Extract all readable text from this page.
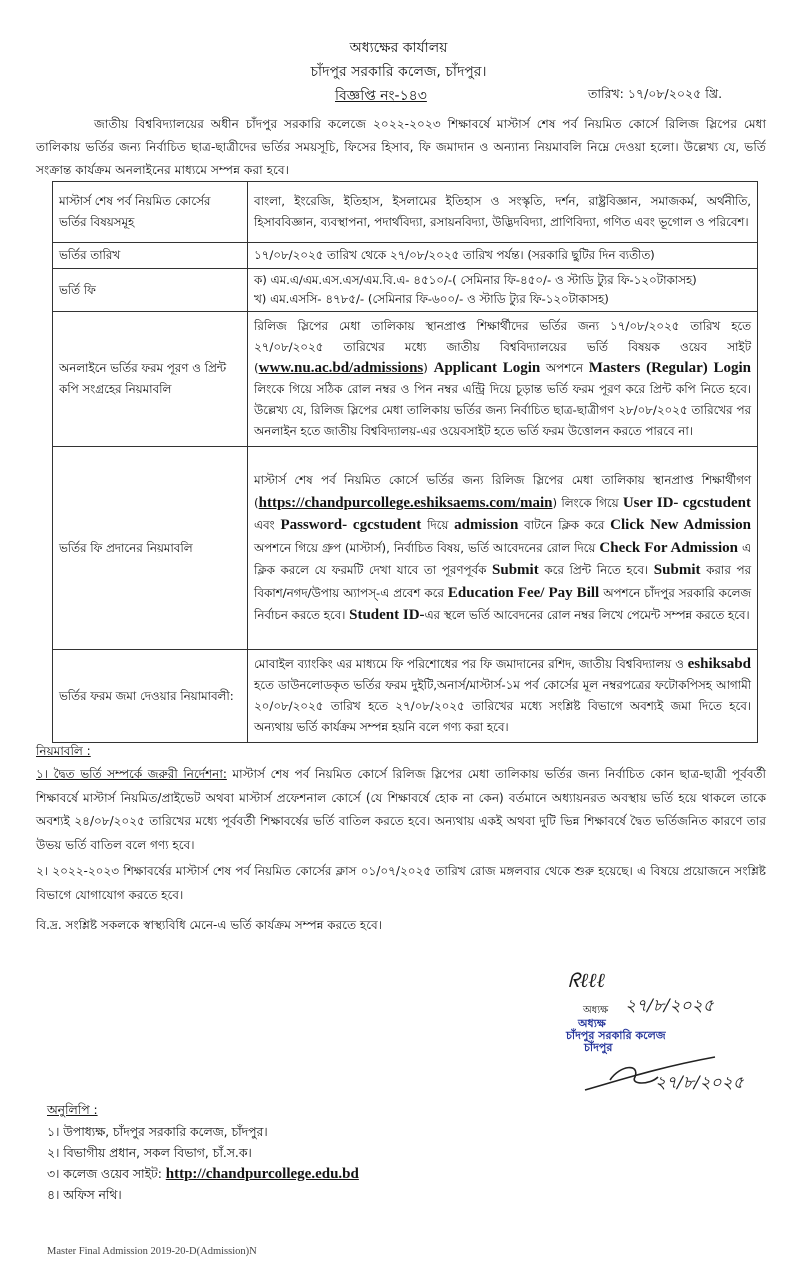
অধ্যক্ষের কার্যালয়
চাঁদপুর সরকারি কলেজ, চাঁদপুর।
বিজ্ঞপ্তি নং-১৪৩	তারিখ: ১৭/০৮/২০২৫ খ্রি.
জাতীয় বিশ্ববিদ্যালয়ের অধীন চাঁদপুর সরকারি কলেজে ২০২২-২০২৩ শিক্ষাবর্ষে মাস্টার্স শেষ পর্ব নিয়মিত কোর্সে রিলিজ স্লিপের মেধা তালিকায় ভর্তির জন্য নির্বাচিত ছাত্র-ছাত্রীদের ভর্তির সময়সূচি, ফিসের হিসাব, ফি জমাদান ও অন্যান্য নিয়মাবলি নিম্নে দেওয়া হলো। উল্লেখ্য যে, ভর্তি সংক্রান্ত কার্যক্রম অনলাইনের মাধ্যমে সম্পন্ন করা হবে।
মাস্টার্স শেষ পর্ব নিয়মিত কোর্সের ভর্তির বিষয়সমূহ	বাংলা, ইংরেজি, ইতিহাস, ইসলামের ইতিহাস ও সংস্কৃতি, দর্শন, রাষ্ট্রবিজ্ঞান, সমাজকর্ম, অর্থনীতি, হিসাববিজ্ঞান, ব্যবস্থাপনা, পদার্থবিদ্যা, রসায়নবিদ্যা, উদ্ভিদবিদ্যা, প্রাণিবিদ্যা, গণিত এবং ভূগোল ও পরিবেশ।
ভর্তির তারিখ	১৭/০৮/২০২৫ তারিখ থেকে ২৭/০৮/২০২৫ তারিখ পর্যন্ত। (সরকারি ছুটির দিন ব্যতীত)
ভর্তি ফি	ক) এম.এ/এম.এস.এস/এম.বি.এ- ৪৫১০/-( সেমিনার ফি-৪৫০/- ও স্টাডি ট্যুর ফি-১২০টাকাসহ)
খ) এম.এসসি- ৪৭৮৫/- (সেমিনার ফি-৬০০/- ও স্টাডি ট্যুর ফি-১২০টাকাসহ)

অনলাইনে ভর্তির ফরম পূরণ ও প্রিন্ট কপি সংগ্রহের নিয়মাবলি	রিলিজ স্লিপের মেধা তালিকায় স্থানপ্রাপ্ত শিক্ষার্থীদের ভর্তির জন্য ১৭/০৮/২০২৫ তারিখ হতে ২৭/০৮/২০২৫ তারিখের মধ্যে জাতীয় বিশ্ববিদ্যালয়ের ভর্তি বিষয়ক ওয়েব সাইট (www.nu.ac.bd/admissions) Applicant Login অপশনে Masters (Regular) Login লিংকে গিয়ে সঠিক রোল নম্বর ও পিন নম্বর এন্ট্রি দিয়ে চূড়ান্ত ভর্তি ফরম পূরণ করে প্রিন্ট কপি নিতে হবে। উল্লেখ্য যে, রিলিজ স্লিপের মেধা তালিকায় ভর্তির জন্য নির্বাচিত ছাত্র-ছাত্রীগণ ২৮/০৮/২০২৫ তারিখের পর অনলাইন হতে জাতীয় বিশ্ববিদ্যালয়-এর ওয়েবসাইট হতে ভর্তি ফরম উত্তোলন করতে পারবে না।
ভর্তির ফি প্রদানের নিয়মাবলি	মাস্টার্স শেষ পর্ব নিয়মিত কোর্সে ভর্তির জন্য রিলিজ স্লিপের মেধা তালিকায় স্থানপ্রাপ্ত শিক্ষার্থীগণ (https://chandpurcollege.eshiksaems.com/main) লিংকে গিয়ে User ID- cgcstudent এবং Password- cgcstudent দিয়ে admission বাটনে ক্লিক করে Click New Admission অপশনে গিয়ে গ্রুপ (মাস্টার্স), নির্বাচিত বিষয়, ভর্তি আবেদনের রোল দিয়ে Check For Admission এ ক্লিক করলে যে ফরমটি দেখা যাবে তা পূরণপূর্বক Submit করে প্রিন্ট নিতে হবে। Submit করার পর বিকাশ/নগদ/উপায় অ্যাপস্-এ প্রবেশ করে Education Fee/ Pay Bill অপশনে চাঁদপুর সরকারি কলেজ নির্বাচন করতে হবে। Student ID-এর স্থলে ভর্তি আবেদনের রোল নম্বর লিখে পেমেন্ট সম্পন্ন করতে হবে।
ভর্তির ফরম জমা দেওয়ার নিয়ামাবলী:	মোবাইল ব্যাংকিং এর মাধ্যমে ফি পরিশোধের পর ফি জমাদানের রশিদ, জাতীয় বিশ্ববিদ্যালয় ও eshiksabd হতে ডাউনলোডকৃত ভর্তির ফরম দুইটি,অনার্স/মাস্টার্স-১ম পর্ব কোর্সের মূল নম্বরপত্রের ফটোকপিসহ আগামী ২০/০৮/২০২৫ তারিখ হতে ২৭/০৮/২০২৫ তারিখের মধ্যে সংশ্লিষ্ট বিভাগে অবশ্যই জমা দিতে হবে। অন্যথায় ভর্তি কার্যক্রম সম্পন্ন হয়নি বলে গণ্য করা হবে।
নিয়মাবলি :
১। দ্বৈত ভর্তি সম্পর্কে জরুরী নির্দেশনা: মাস্টার্স শেষ পর্ব নিয়মিত কোর্সে রিলিজ স্লিপের মেধা তালিকায় ভর্তির জন্য নির্বাচিত কোন ছাত্র-ছাত্রী পূর্ববর্তী শিক্ষাবর্ষে মাস্টার্স নিয়মিত/প্রাইভেট অথবা মাস্টার্স প্রফেশনাল কোর্সে (যে শিক্ষাবর্ষে হোক না কেন) বর্তমানে অধ্যায়নরত অবস্থায় ভর্তি হয়ে থাকলে তাকে অবশ্যই ২৪/০৮/২০২৫ তারিখের মধ্যে পূর্ববর্তী শিক্ষাবর্ষের ভর্তি বাতিল করতে হবে। অন্যথায় একই অথবা দুটি ভিন্ন শিক্ষাবর্ষে দ্বৈত ভর্তিজনিত কারণে তার উভয় ভর্তি বাতিল বলে গণ্য হবে।
২। ২০২২-২০২৩ শিক্ষাবর্ষের মাস্টার্স শেষ পর্ব নিয়মিত কোর্সের ক্লাস ০১/০৭/২০২৫ তারিখ রোজ মঙ্গলবার থেকে শুরু হয়েছে। এ বিষয়ে প্রয়োজনে সংশ্লিষ্ট বিভাগে যোগাযোগ করতে হবে।
বি.দ্র. সংশ্লিষ্ট সকলকে স্বাস্থ্যবিধি মেনে-এ ভর্তি কার্যক্রম সম্পন্ন করতে হবে।
ᖇℓℓℓ
২৭/৮/২০২৫
অধ্যক্ষ
অধ্যক্ষ
চাঁদপুর সরকারি কলেজ
চাঁদপুর
২৭/৮/২০২৫
অনুলিপি :
১। উপাধ্যক্ষ, চাঁদপুর সরকারি কলেজ, চাঁদপুর।
২। বিভাগীয় প্রধান, সকল বিভাগ, চাঁ.স.ক।
৩। কলেজ ওয়েব সাইট: http://chandpurcollege.edu.bd
৪। অফিস নথি।
Master Final Admission 2019-20-D(Admission)N
